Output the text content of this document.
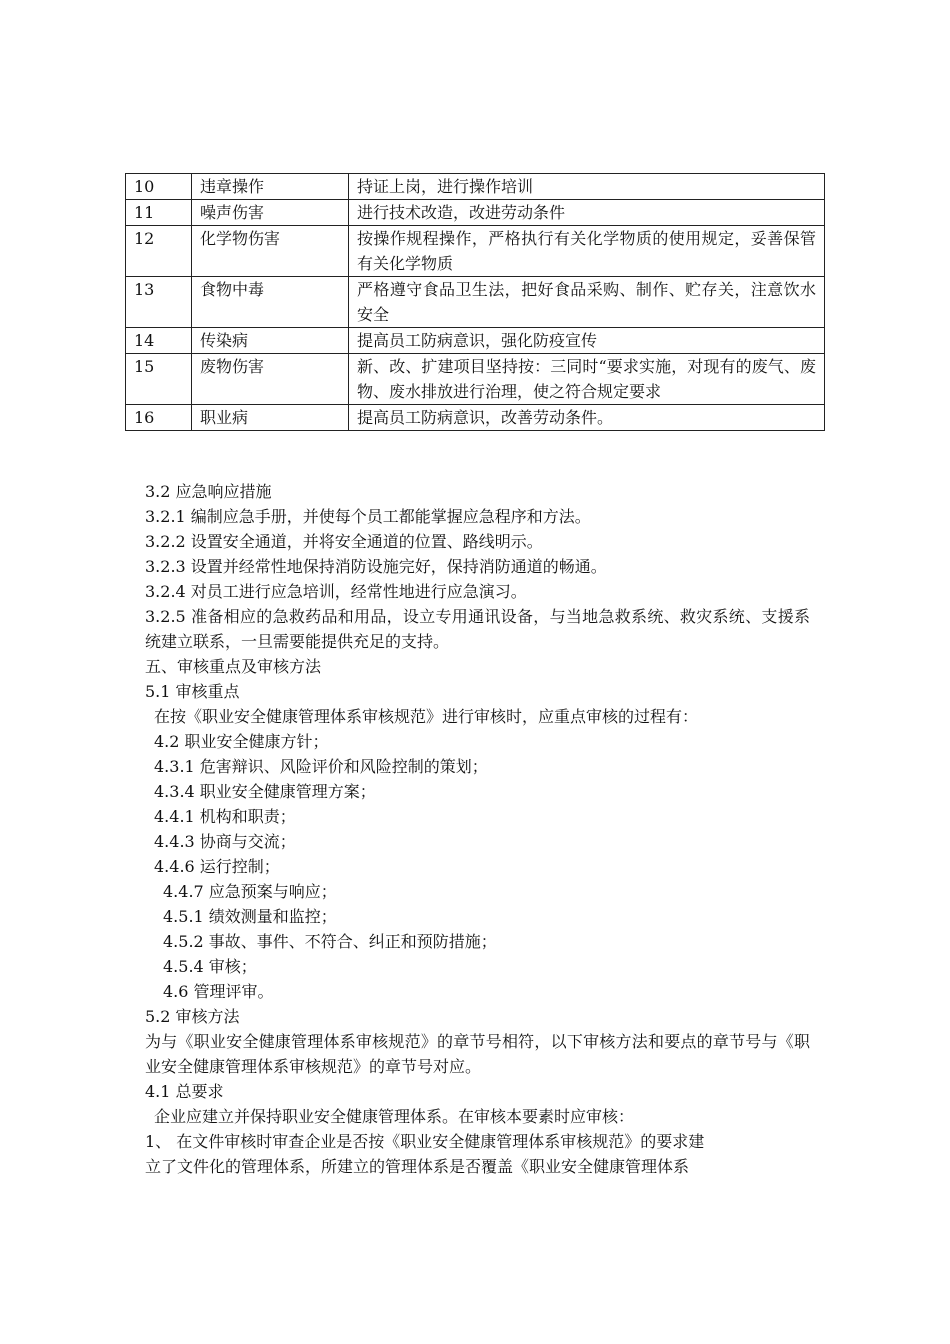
10	违章操作	持证上岗，进行操作培训
11	噪声伤害	进行技术改造，改进劳动条件
12	化学物伤害	按操作规程操作，严格执行有关化学物质的使用规定，妥善保管有关化学物质
13	食物中毒	严格遵守食品卫生法，把好食品采购、制作、贮存关，注意饮水安全
14	传染病	提高员工防病意识，强化防疫宣传
15	废物伤害	新、改、扩建项目坚持按：三同时“要求实施，对现有的废气、废物、废水排放进行治理，使之符合规定要求
16	职业病	提高员工防病意识，改善劳动条件。
3.2 应急响应措施
3.2.1 编制应急手册，并使每个员工都能掌握应急程序和方法。
3.2.2 设置安全通道，并将安全通道的位置、路线明示。
3.2.3 设置并经常性地保持消防设施完好，保持消防通道的畅通。
3.2.4 对员工进行应急培训，经常性地进行应急演习。
3.2.5 准备相应的急救药品和用品，设立专用通讯设备，与当地急救系统、救灾系统、支援系统建立联系，一旦需要能提供充足的支持。
五、审核重点及审核方法
5.1 审核重点
在按《职业安全健康管理体系审核规范》进行审核时，应重点审核的过程有：
4.2 职业安全健康方针；
4.3.1 危害辩识、风险评价和风险控制的策划；
4.3.4 职业安全健康管理方案；
4.4.1 机构和职责；
4.4.3 协商与交流；
4.4.6 运行控制；
4.4.7 应急预案与响应；
4.5.1 绩效测量和监控；
4.5.2 事故、事件、不符合、纠正和预防措施；
4.5.4 审核；
4.6 管理评审。
5.2 审核方法
为与《职业安全健康管理体系审核规范》的章节号相符，以下审核方法和要点的章节号与《职业安全健康管理体系审核规范》的章节号对应。
4.1 总要求
企业应建立并保持职业安全健康管理体系。在审核本要素时应审核：
1、 在文件审核时审查企业是否按《职业安全健康管理体系审核规范》的要求建
立了文件化的管理体系，所建立的管理体系是否覆盖《职业安全健康管理体系
